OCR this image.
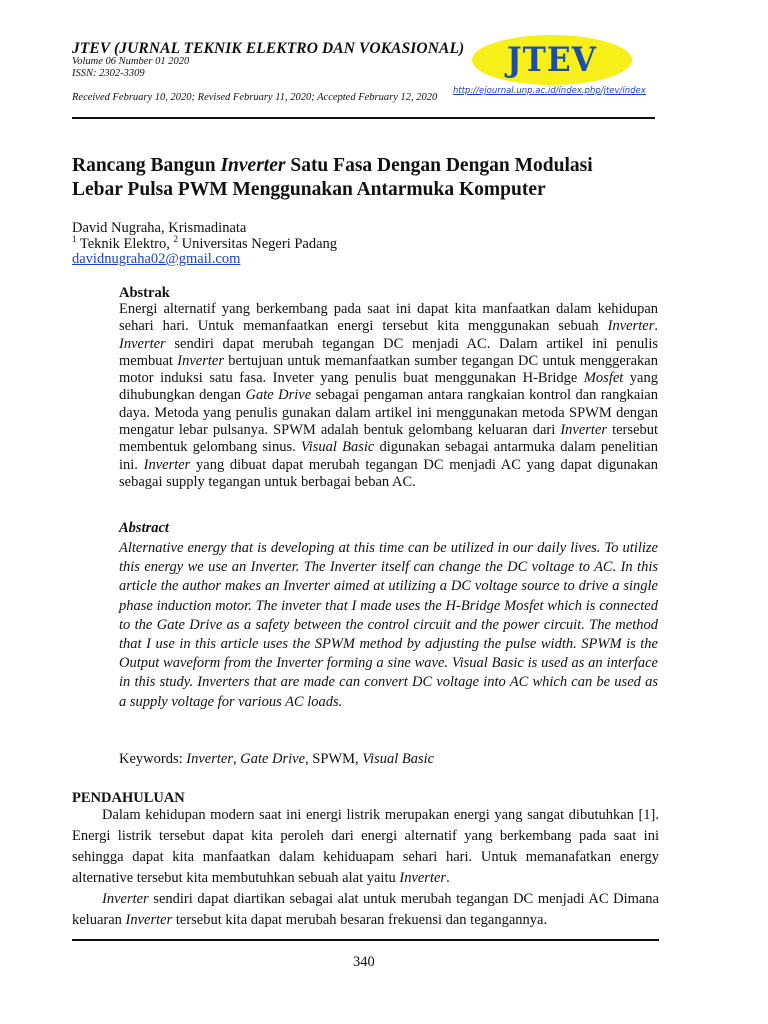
JTEV (JURNAL TEKNIK ELEKTRO DAN VOKASIONAL)
Volume 06 Number 01 2020
ISSN: 2302-3309
Received February 10, 2020; Revised February 11, 2020; Accepted February 12, 2020
JTEV
http://ejournal.unp.ac.id/index.php/jtev/index
Rancang Bangun Inverter Satu Fasa Dengan Dengan Modulasi
Lebar Pulsa PWM Menggunakan Antarmuka Komputer
David Nugraha, Krismadinata
$^1$ Teknik Elektro, $^2$ Universitas Negeri Padang
davidnugraha02@gmail.com
Abstrak
Energi alternatif yang berkembang pada saat ini dapat kita manfaatkan dalam kehidupan sehari hari. Untuk memanfaatkan energi tersebut kita menggunakan sebuah Inverter. Inverter sendiri dapat merubah tegangan DC menjadi AC. Dalam artikel ini penulis membuat Inverter bertujuan untuk memanfaatkan sumber tegangan DC untuk menggerakan motor induksi satu fasa. Inveter yang penulis buat menggunakan H-Bridge Mosfet yang dihubungkan dengan Gate Drive sebagai pengaman antara rangkaian kontrol dan rangkaian daya. Metoda yang penulis gunakan dalam artikel ini menggunakan metoda SPWM dengan mengatur lebar pulsanya. SPWM adalah bentuk gelombang keluaran dari Inverter tersebut membentuk gelombang sinus. Visual Basic digunakan sebagai antarmuka dalam penelitian ini. Inverter yang dibuat dapat merubah tegangan DC menjadi AC yang dapat digunakan sebagai supply tegangan untuk berbagai beban AC.
Abstract
Alternative energy that is developing at this time can be utilized in our daily lives. To utilize this energy we use an Inverter. The Inverter itself can change the DC voltage to AC. In this article the author makes an Inverter aimed at utilizing a DC voltage source to drive a single phase induction motor. The inveter that I made uses the H-Bridge Mosfet which is connected to the Gate Drive as a safety between the control circuit and the power circuit. The method that I use in this article uses the SPWM method by adjusting the pulse width. SPWM is the Output waveform from the Inverter forming a sine wave. Visual Basic is used as an interface in this study. Inverters that are made can convert DC voltage into AC which can be used as a supply voltage for various AC loads.
Keywords: Inverter, Gate Drive, SPWM, Visual Basic
PENDAHULUAN

Dalam kehidupan modern saat ini energi listrik merupakan energi yang sangat dibutuhkan [1]. Energi listrik tersebut dapat kita peroleh dari energi alternatif yang berkembang pada saat ini sehingga dapat kita manfaatkan dalam kehiduapam sehari hari. Untuk memanafatkan energy alternative tersebut kita membutuhkan sebuah alat yaitu Inverter.

Inverter sendiri dapat diartikan sebagai alat untuk merubah tegangan DC menjadi AC Dimana keluaran Inverter tersebut kita dapat merubah besaran frekuensi dan tegangannya.

340
